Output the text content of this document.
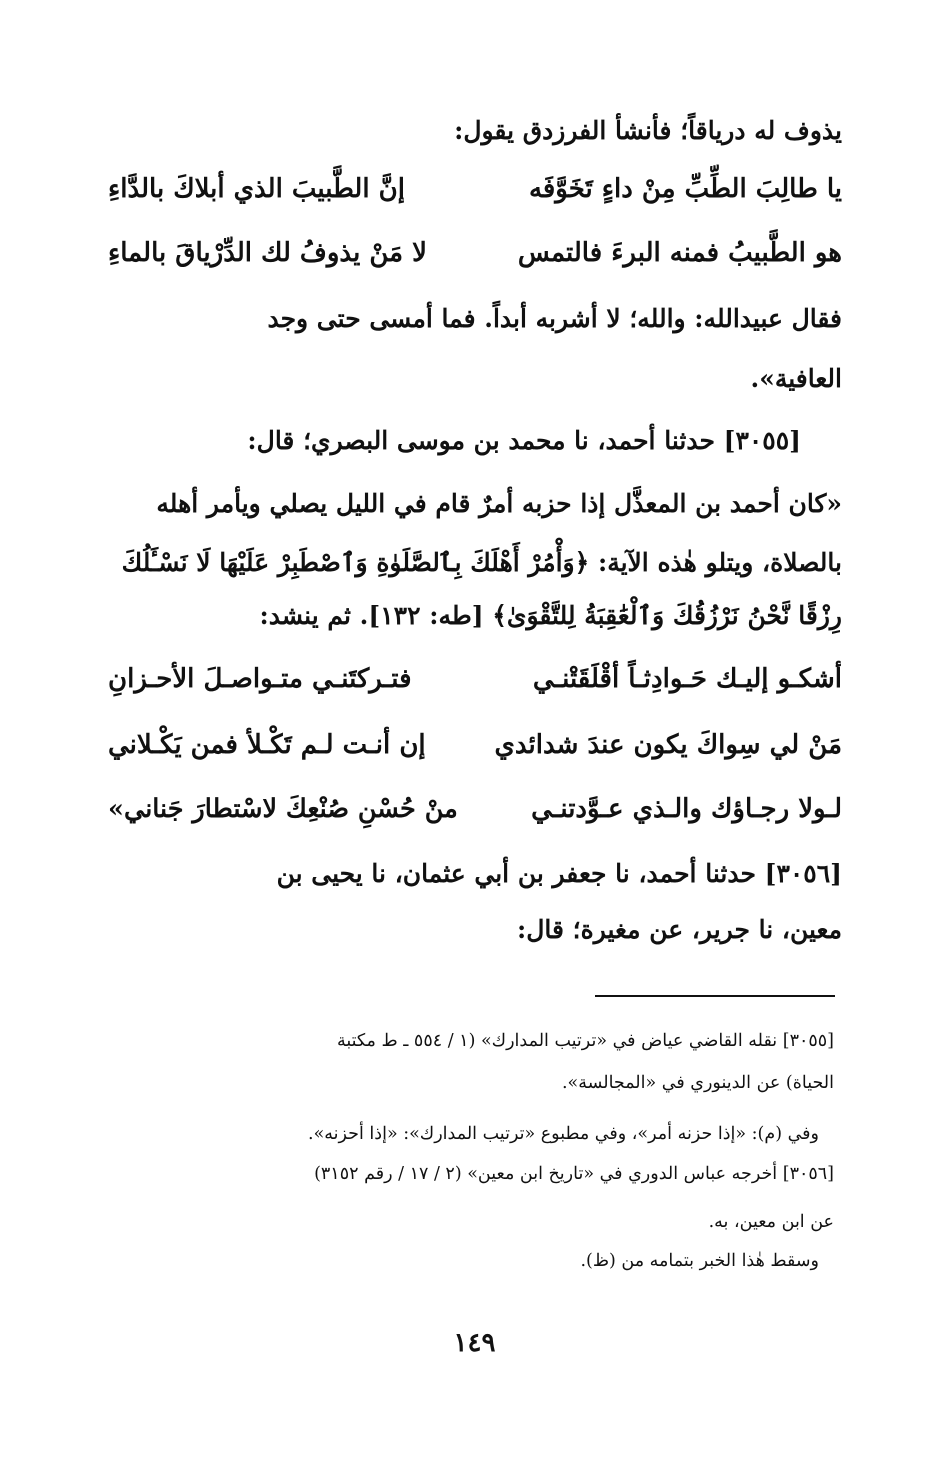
يذوف له درياقاً؛ فأنشأ الفرزدق يقول:
يا طالِبَ الطِّبِّ مِنْ داءٍ تَخَوَّفَه
إنَّ الطَّبيبَ الذي أبلاكَ بالدَّاءِ
هو الطَّبيبُ فمنه البرءَ فالتمس
لا مَنْ يذوفُ لك الدِّرْياقَ بالماءِ
فقال عبيدالله: والله؛ لا أشربه أبداً. فما أمسى حتى وجد
العافية».
[٣٠٥٥] حدثنا أحمد، نا محمد بن موسى البصري؛ قال:
«كان أحمد بن المعذَّل إذا حزبه أمرٌ قام في الليل يصلي ويأمر أهله
بالصلاة، ويتلو هٰذه الآية: ﴿وَأْمُرْ أَهْلَكَ بِٱلصَّلَوٰةِ وَٱصْطَبِرْ عَلَيْهَا لَا نَسْـَٔلُكَ
رِزْقًا نَّحْنُ نَرْزُقُكَ وَٱلْعَٰقِبَةُ لِلتَّقْوَىٰ﴾ [طه: ١٣٢]. ثم ينشد:
أشكـو إليـك حَـوادِثـاً أقْلَقَتْنـي
فتـركتَنـي متـواصـلَ الأحـزانِ
مَنْ لي سِواكَ يكون عندَ شدائدي
إن أنـت لـم تَكْـلأ فمن يَكْـلاني
لـولا رجـاؤك والـذي عـوَّدتنـي
منْ حُسْنِ صُنْعِكَ لاسْتطارَ جَناني»
[٣٠٥٦] حدثنا أحمد، نا جعفر بن أبي عثمان، نا يحيى بن
معين، نا جرير، عن مغيرة؛ قال:
[٣٠٥٥] نقله القاضي عياض في «ترتيب المدارك» (١ / ٥٥٤ ـ ط مكتبة
الحياة) عن الدينوري في «المجالسة».
وفي (م): «إذا حزنه أمر»، وفي مطبوع «ترتيب المدارك»: «إذا أحزنه».
[٣٠٥٦] أخرجه عباس الدوري في «تاريخ ابن معين» (٢ / ١٧ / رقم ٣١٥٢)
عن ابن معين، به.
وسقط هٰذا الخبر بتمامه من (ظ).
١٤٩
